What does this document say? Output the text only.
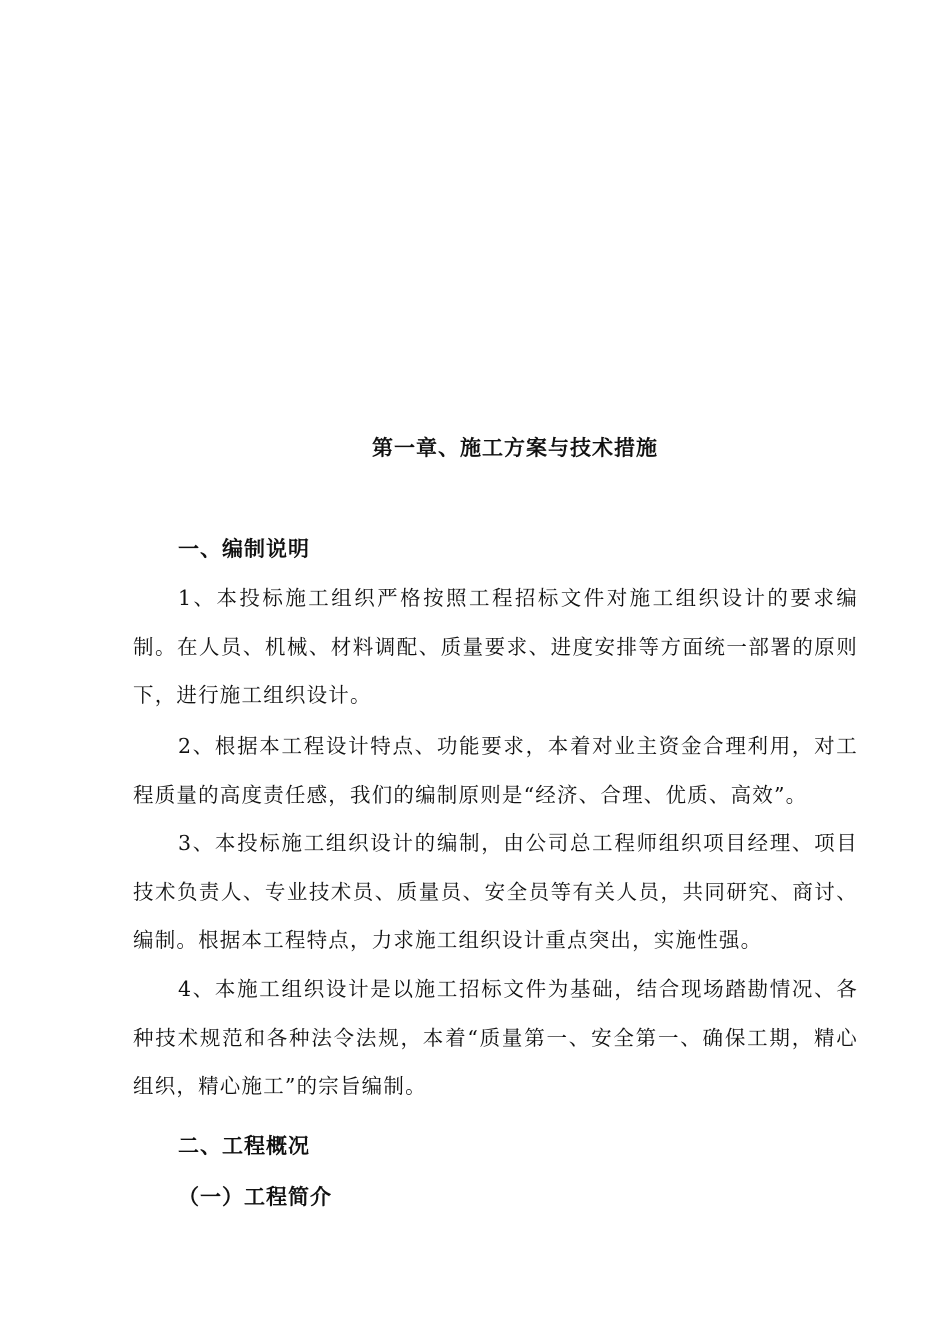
第一章、施工方案与技术措施
一、编制说明

1、本投标施工组织严格按照工程招标文件对施工组织设计的要求编制。在人员、机械、材料调配、质量要求、进度安排等方面统一部署的原则下，进行施工组织设计。

2、根据本工程设计特点、功能要求，本着对业主资金合理利用，对工程质量的高度责任感，我们的编制原则是“经济、合理、优质、高效”。

3、本投标施工组织设计的编制，由公司总工程师组织项目经理、项目技术负责人、专业技术员、质量员、安全员等有关人员，共同研究、商讨、编制。根据本工程特点，力求施工组织设计重点突出，实施性强。

4、本施工组织设计是以施工招标文件为基础，结合现场踏勘情况、各种技术规范和各种法令法规，本着“质量第一、安全第一、确保工期，精心组织，精心施工”的宗旨编制。

二、工程概况
（一）工程简介
